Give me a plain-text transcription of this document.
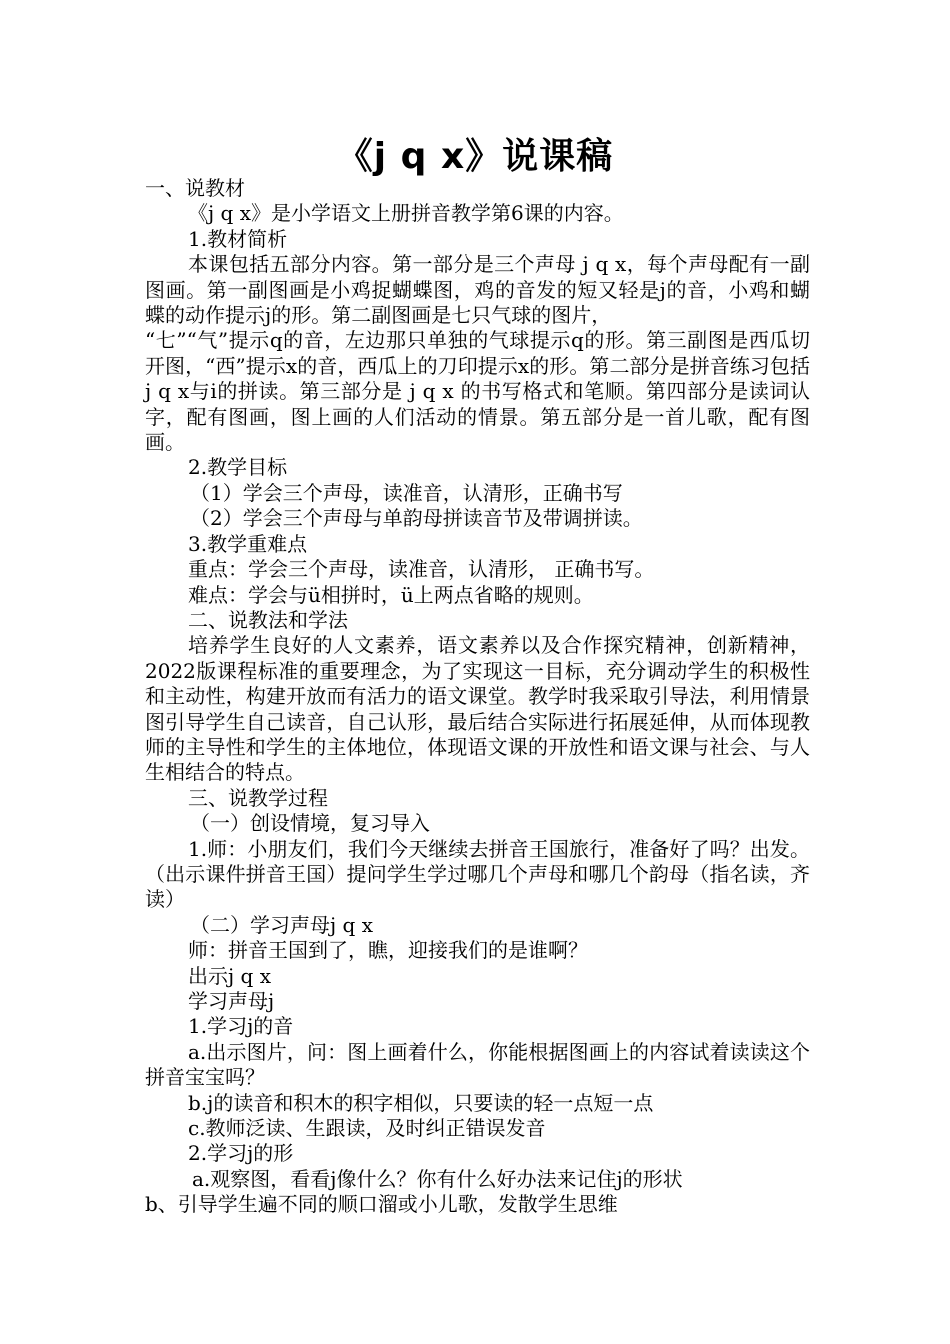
《j q x》说课稿

一、说教材

《j q x》是小学语文上册拼音教学第6课的内容。

1.教材简析

本课包括五部分内容。第一部分是三个声母 j q x，每个声母配有一副图画。第一副图画是小鸡捉蝴蝶图，鸡的音发的短又轻是j的音，小鸡和蝴蝶的动作提示j的形。第二副图画是七只气球的图片，

“七”“气”提示q的音，左边那只单独的气球提示q的形。第三副图是西瓜切开图，“西”提示x的音，西瓜上的刀印提示x的形。第二部分是拼音练习包括j q x与i的拼读。第三部分是 j q x 的书写格式和笔顺。第四部分是读词认字，配有图画，图上画的人们活动的情景。第五部分是一首儿歌，配有图画。

2.教学目标

（1）学会三个声母，读准音，认清形，正确书写

（2）学会三个声母与单韵母拼读音节及带调拼读。

3.教学重难点

重点：学会三个声母，读准音，认清形， 正确书写。

难点：学会与ü相拼时，ü上两点省略的规则。

二、说教法和学法

培养学生良好的人文素养，语文素养以及合作探究精神，创新精神，2022版课程标准的重要理念，为了实现这一目标，充分调动学生的积极性和主动性，构建开放而有活力的语文课堂。教学时我采取引导法，利用情景图引导学生自己读音，自己认形，最后结合实际进行拓展延伸，从而体现教师的主导性和学生的主体地位，体现语文课的开放性和语文课与社会、与人生相结合的特点。

三、说教学过程

（一）创设情境，复习导入

1.师：小朋友们，我们今天继续去拼音王国旅行，准备好了吗？出发。（出示课件拼音王国）提问学生学过哪几个声母和哪几个韵母（指名读，齐读）

（二）学习声母j q x

师：拼音王国到了，瞧，迎接我们的是谁啊？

出示j q x

学习声母j

1.学习j的音

a.出示图片，问：图上画着什么，你能根据图画上的内容试着读读这个拼音宝宝吗？

b.j的读音和积木的积字相似，只要读的轻一点短一点

c.教师泛读、生跟读，及时纠正错误发音

2.学习j的形

a.观察图，看看j像什么？你有什么好办法来记住j的形状

b、引导学生遍不同的顺口溜或小儿歌，发散学生思维
